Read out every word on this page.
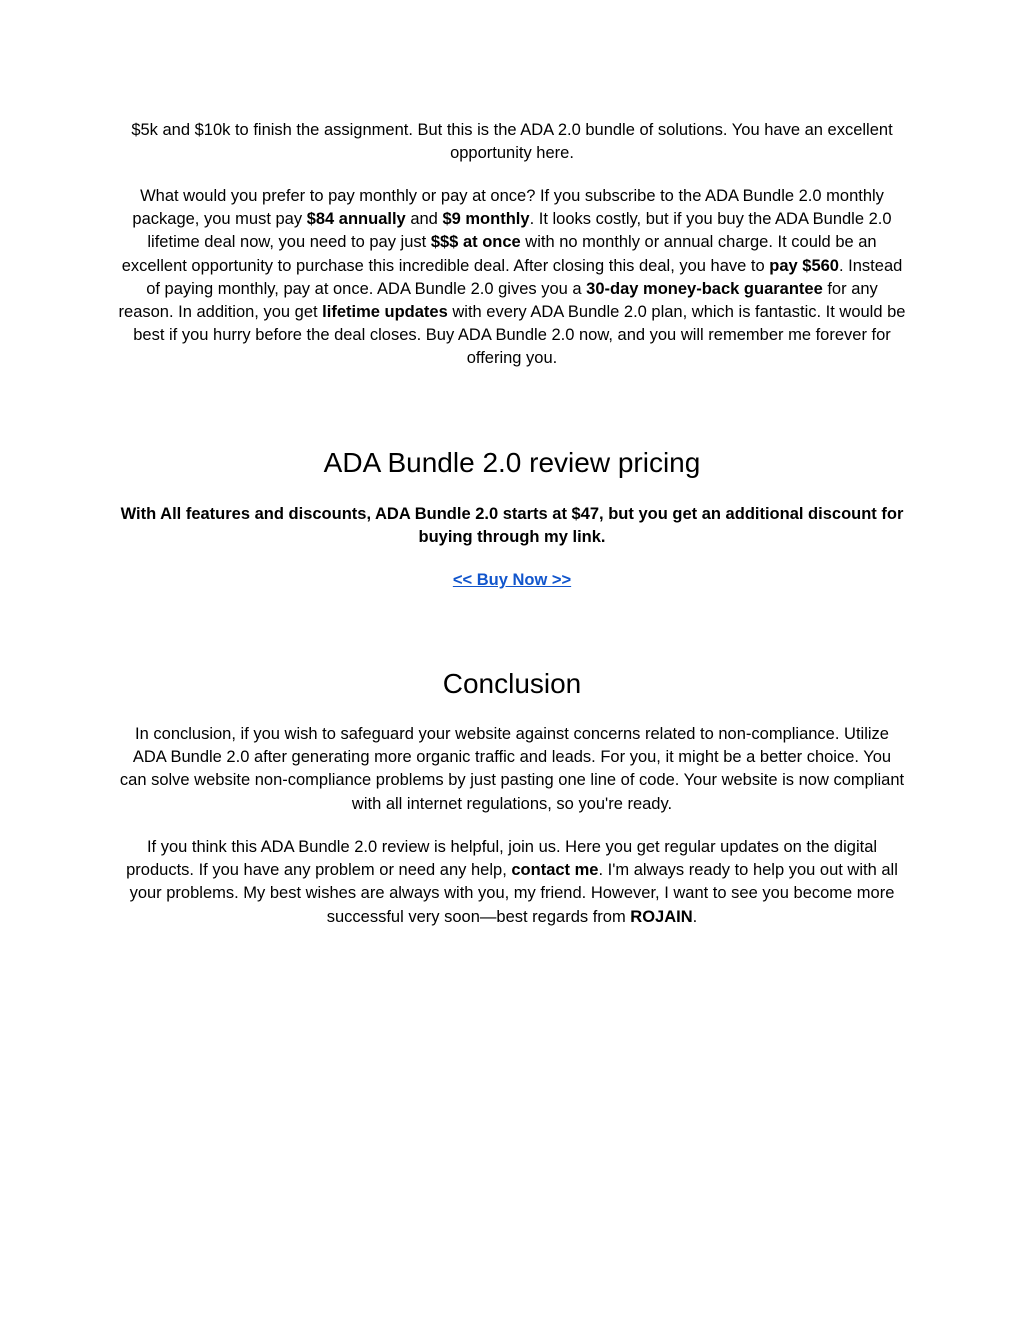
$5k and $10k to finish the assignment. But this is the ADA 2.0 bundle of solutions. You have an excellent opportunity here.

What would you prefer to pay monthly or pay at once? If you subscribe to the ADA Bundle 2.0 monthly package, you must pay $84 annually and $9 monthly. It looks costly, but if you buy the ADA Bundle 2.0 lifetime deal now, you need to pay just $$$ at once with no monthly or annual charge. It could be an excellent opportunity to purchase this incredible deal. After closing this deal, you have to pay $560. Instead of paying monthly, pay at once. ADA Bundle 2.0 gives you a 30-day money-back guarantee for any reason. In addition, you get lifetime updates with every ADA Bundle 2.0 plan, which is fantastic. It would be best if you hurry before the deal closes. Buy ADA Bundle 2.0 now, and you will remember me forever for offering you.

ADA Bundle 2.0 review pricing

With All features and discounts, ADA Bundle 2.0 starts at $47, but you get an additional discount for buying through my link.

<< Buy Now >>
Conclusion

In conclusion, if you wish to safeguard your website against concerns related to non-compliance. Utilize ADA Bundle 2.0 after generating more organic traffic and leads. For you, it might be a better choice. You can solve website non-compliance problems by just pasting one line of code. Your website is now compliant with all internet regulations, so you're ready.

If you think this ADA Bundle 2.0 review is helpful, join us. Here you get regular updates on the digital products. If you have any problem or need any help, contact me. I'm always ready to help you out with all your problems. My best wishes are always with you, my friend. However, I want to see you become more successful very soon—best regards from ROJAIN.
